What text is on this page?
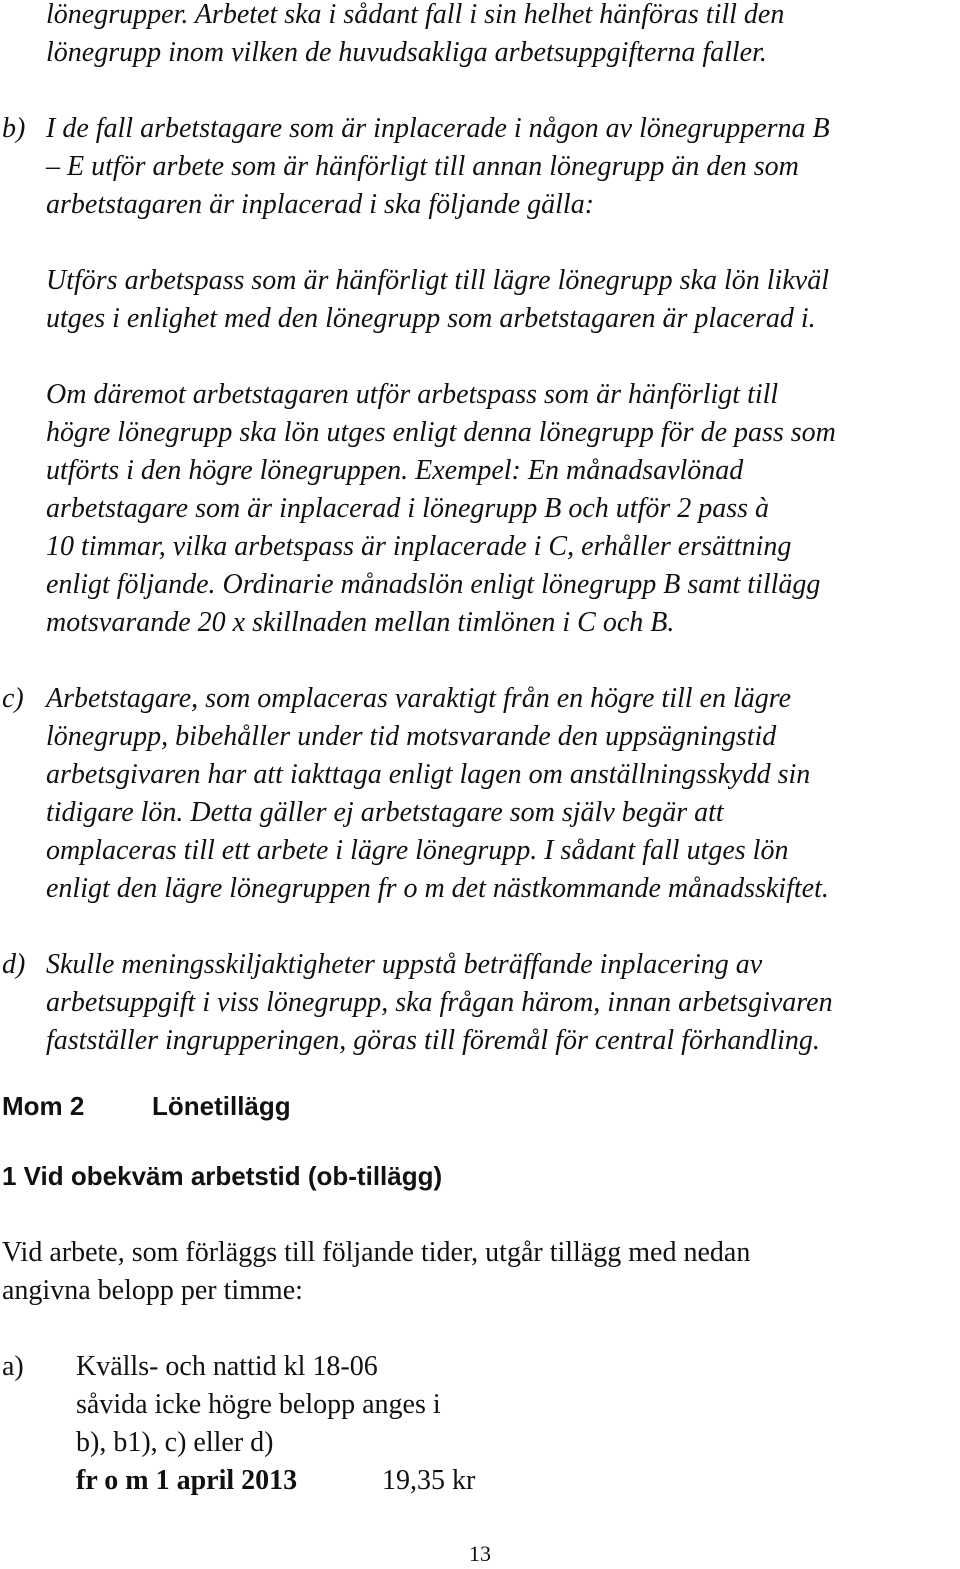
lönegrupper. Arbetet ska i sådant fall i sin helhet hänföras till den
lönegrupp inom vilken de huvudsakliga arbetsuppgifterna faller.
b) I de fall arbetstagare som är inplacerade i någon av lönegrupperna B
– E utför arbete som är hänförligt till annan lönegrupp än den som
arbetstagaren är inplacerad i ska följande gälla:
Utförs arbetspass som är hänförligt till lägre lönegrupp ska lön likväl
utges i enlighet med den lönegrupp som arbetstagaren är placerad i.
Om däremot arbetstagaren utför arbetspass som är hänförligt till
högre lönegrupp ska lön utges enligt denna lönegrupp för de pass som
utförts i den högre lönegruppen. Exempel: En månadsavlönad
arbetstagare som är inplacerad i lönegrupp B och utför 2 pass à
10 timmar, vilka arbetspass är inplacerade i C, erhåller ersättning
enligt följande. Ordinarie månadslön enligt lönegrupp B samt tillägg
motsvarande 20 x skillnaden mellan timlönen i C och B.
c) Arbetstagare, som omplaceras varaktigt från en högre till en lägre
lönegrupp, bibehåller under tid motsvarande den uppsägningstid
arbetsgivaren har att iakttaga enligt lagen om anställningsskydd sin
tidigare lön. Detta gäller ej arbetstagare som själv begär att
omplaceras till ett arbete i lägre lönegrupp. I sådant fall utges lön
enligt den lägre lönegruppen fr o m det nästkommande månadsskiftet.
d) Skulle meningsskiljaktigheter uppstå beträffande inplacering av
arbetsuppgift i viss lönegrupp, ska frågan härom, innan arbetsgivaren
fastställer ingrupperingen, göras till föremål för central förhandling.
Mom 2	Lönetillägg
1 Vid obekväm arbetstid (ob-tillägg)
Vid arbete, som förläggs till följande tider, utgår tillägg med nedan
angivna belopp per timme:
a) Kvälls- och nattid kl 18-06
såvida icke högre belopp anges i
b), b1), c) eller d)
fr o m 1 april 2013	19,35 kr
13
